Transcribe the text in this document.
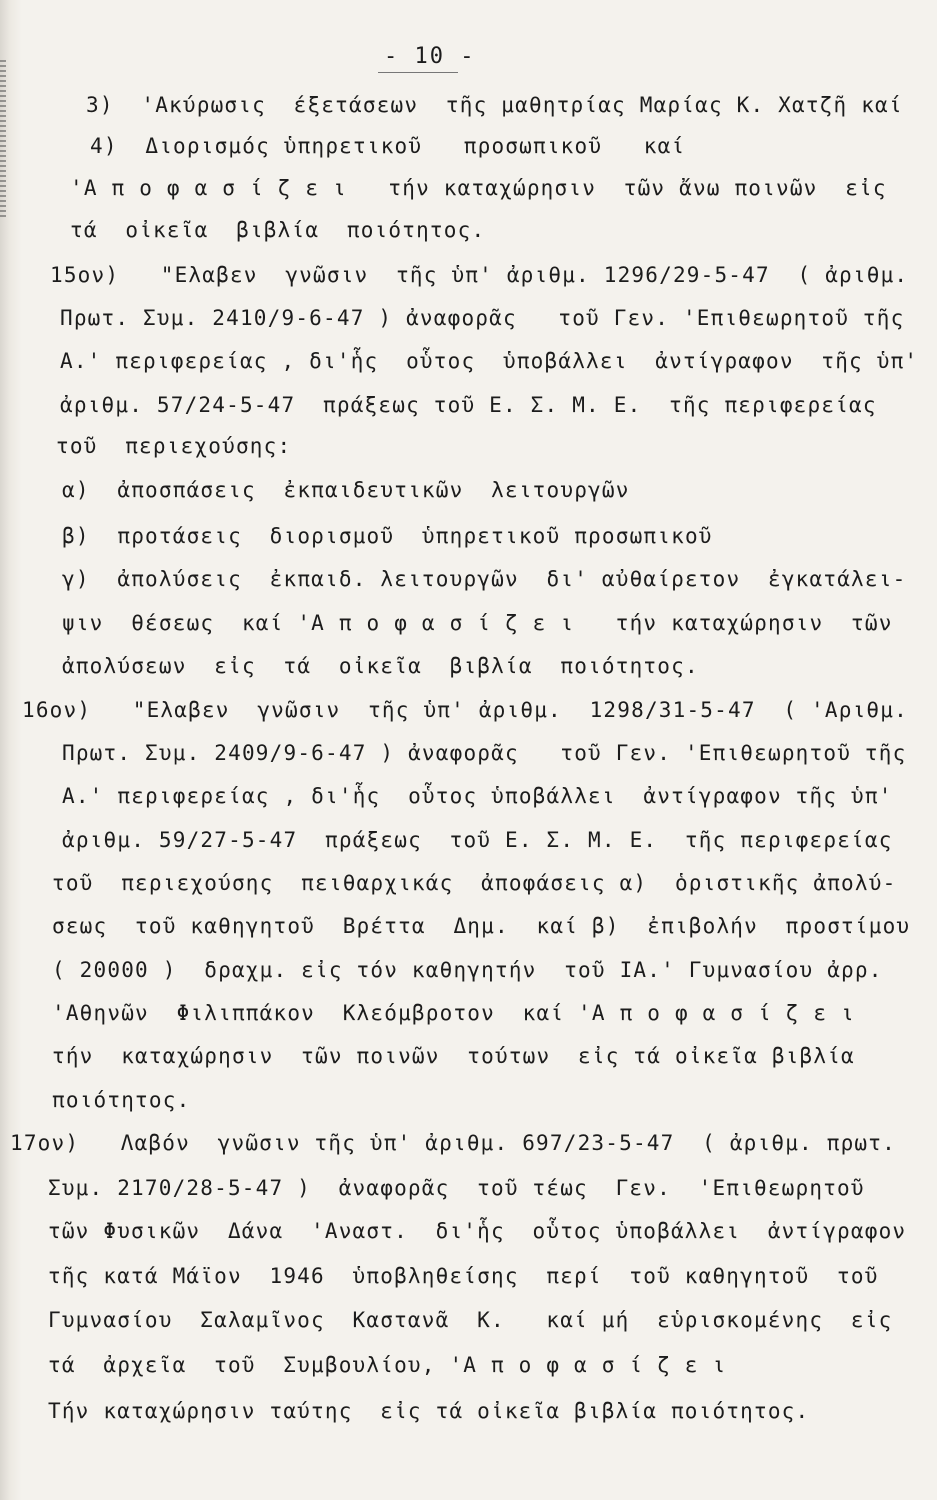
- 10 -
3)  'Ακύρωσις  έξετάσεων  τῆς μαθητρίας Μαρίας Κ. Χατζῆ καί
4)  Διορισμός ὑπηρετικοῦ   προσωπικοῦ   καί
'Α π ο φ α σ ί ζ ε ι   τήν καταχώρησιν  τῶν ἄνω ποινῶν  εἰς
τά  οἰκεῖα  βιβλία  ποιότητος.
15ον)   "Ελαβεν  γνῶσιν  τῆς ὑπ' ἀριθμ. 1296/29-5-47  ( ἀριθμ.
Πρωτ. Συμ. 2410/9-6-47 ) ἀναφορᾶς   τοῦ Γεν. 'Επιθεωρητοῦ τῆς
Α.' περιφερείας , δι'ἧς  οὗτος  ὑποβάλλει  ἀντίγραφον  τῆς ὑπ'
ἀριθμ. 57/24-5-47  πράξεως τοῦ Ε. Σ. Μ. Ε.  τῆς περιφερείας
τοῦ  περιεχούσης:
α)  ἀποσπάσεις  ἐκπαιδευτικῶν  λειτουργῶν
β)  προτάσεις  διορισμοῦ  ὑπηρετικοῦ προσωπικοῦ
γ)  ἀπολύσεις  ἐκπαιδ. λειτουργῶν  δι' αὐθαίρετον  ἐγκατάλει-
ψιν  θέσεως  καί 'Α π ο φ α σ ί ζ ε ι   τήν καταχώρησιν  τῶν
ἀπολύσεων  εἰς  τά  οἰκεῖα  βιβλία  ποιότητος.
16ον)   "Ελαβεν  γνῶσιν  τῆς ὑπ' ἀριθμ.  1298/31-5-47  ( 'Αριθμ.
Πρωτ. Συμ. 2409/9-6-47 ) ἀναφορᾶς   τοῦ Γεν. 'Επιθεωρητοῦ τῆς
Α.' περιφερείας , δι'ἧς  οὗτος ὑποβάλλει  ἀντίγραφον τῆς ὑπ'
ἀριθμ. 59/27-5-47  πράξεως  τοῦ Ε. Σ. Μ. Ε.  τῆς περιφερείας
τοῦ  περιεχούσης  πειθαρχικάς  ἀποφάσεις α)  ὁριστικῆς ἀπολύ-
σεως  τοῦ καθηγητοῦ  Βρέττα  Δημ.  καί β)  ἐπιβολήν  προστίμου
( 20000 )  δραχμ. εἰς τόν καθηγητήν  τοῦ ΙΑ.' Γυμνασίου ἀρρ.
'Αθηνῶν  Φιλιππάκον  Κλεόμβροτον  καί 'Α π ο φ α σ ί ζ ε ι
τήν  καταχώρησιν  τῶν ποινῶν  τούτων  εἰς τά οἰκεῖα βιβλία
ποιότητος.
17ον)   Λαβόν  γνῶσιν τῆς ὑπ' ἀριθμ. 697/23-5-47  ( ἀριθμ. πρωτ.
Συμ. 2170/28-5-47 )  ἀναφορᾶς  τοῦ τέως  Γεν.  'Επιθεωρητοῦ
τῶν Φυσικῶν  Δάνα  'Αναστ.  δι'ἧς  οὗτος ὑποβάλλει  ἀντίγραφον
τῆς κατά Μάϊον  1946  ὑποβληθείσης  περί  τοῦ καθηγητοῦ  τοῦ
Γυμνασίου  Σαλαμῖνος  Καστανᾶ  Κ.   καί μή  εὑρισκομένης  εἰς
τά  ἀρχεῖα  τοῦ  Συμβουλίου, 'Α π ο φ α σ ί ζ ε ι
Τήν καταχώρησιν ταύτης  εἰς τά οἰκεῖα βιβλία ποιότητος.
